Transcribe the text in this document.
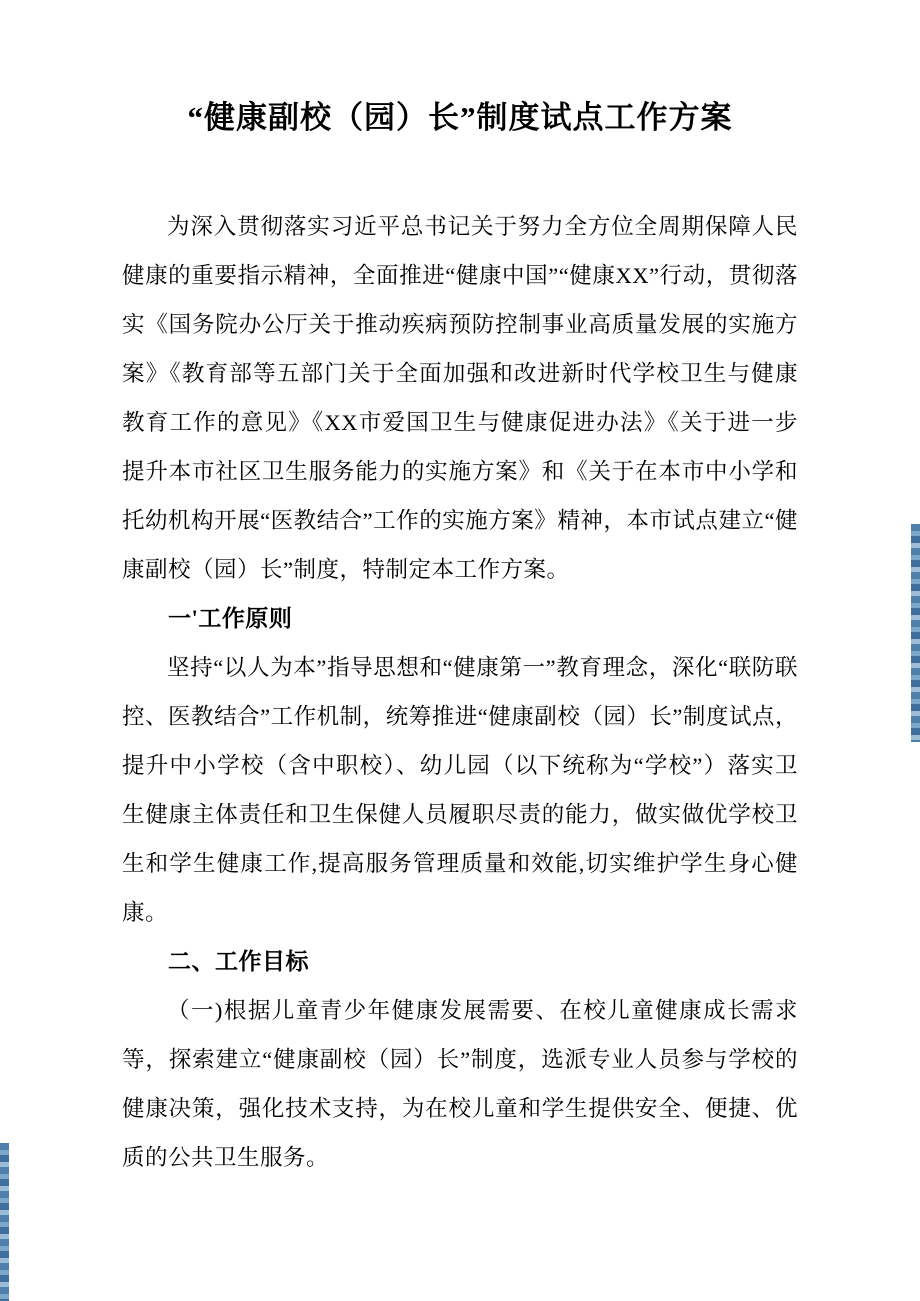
“健康副校（园）长”制度试点工作方案

为深入贯彻落实习近平总书记关于努力全方位全周期保障人民健康的重要指示精神，全面推进“健康中国”“健康XX”行动，贯彻落实《国务院办公厅关于推动疾病预防控制事业高质量发展的实施方案》《教育部等五部门关于全面加强和改进新时代学校卫生与健康教育工作的意见》《XX市爱国卫生与健康促进办法》《关于进一步提升本市社区卫生服务能力的实施方案》和《关于在本市中小学和托幼机构开展“医教结合”工作的实施方案》精神，本市试点建立“健康副校（园）长”制度，特制定本工作方案。

一'工作原则

坚持“以人为本”指导思想和“健康第一”教育理念，深化“联防联控、医教结合”工作机制，统筹推进“健康副校（园）长”制度试点，提升中小学校（含中职校）、幼儿园（以下统称为“学校”）落实卫生健康主体责任和卫生保健人员履职尽责的能力，做实做优学校卫生和学生健康工作,提高服务管理质量和效能,切实维护学生身心健康。

二、工作目标

（一)根据儿童青少年健康发展需要、在校儿童健康成长需求等，探索建立“健康副校（园）长”制度，选派专业人员参与学校的健康决策，强化技术支持，为在校儿童和学生提供安全、便捷、优质的公共卫生服务。
